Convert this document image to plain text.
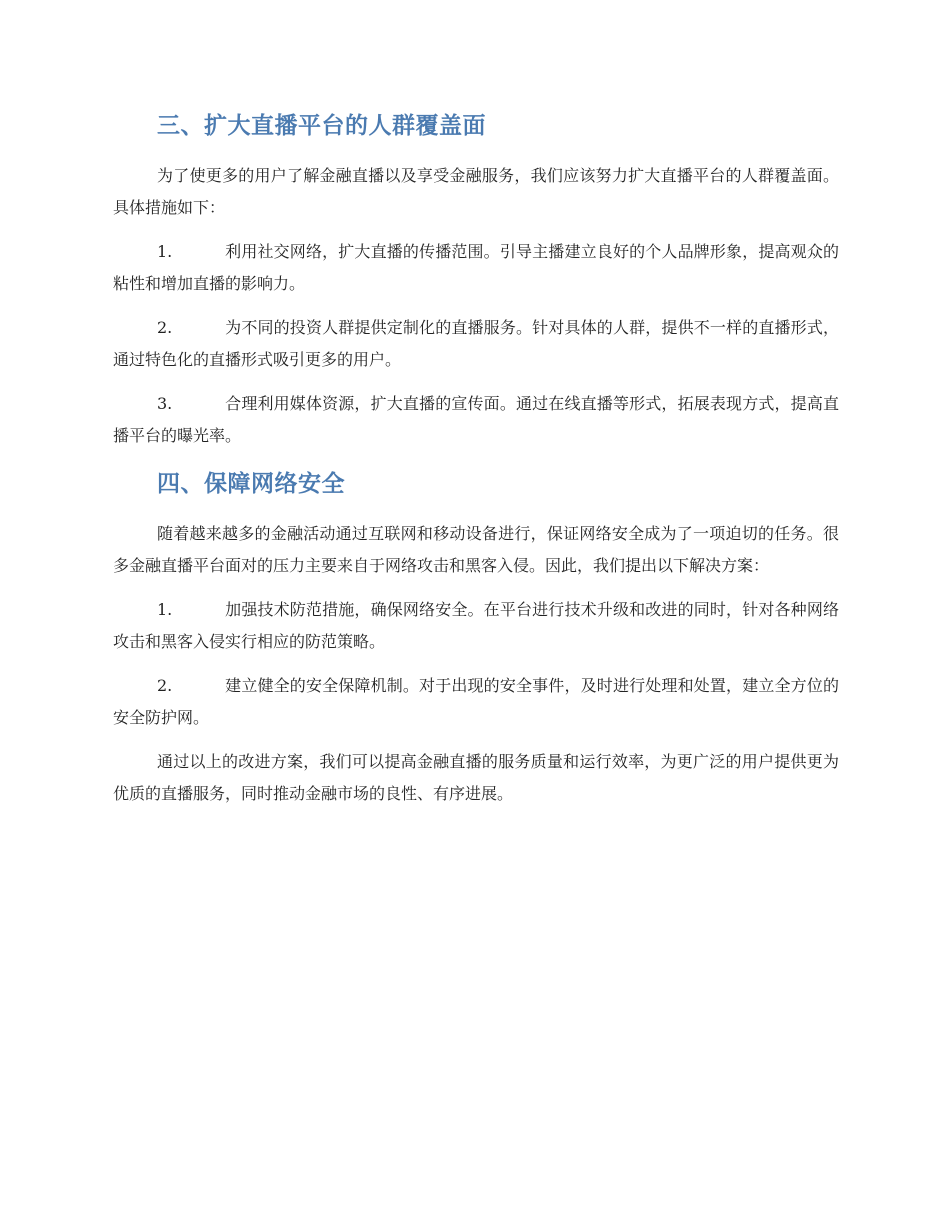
三、扩大直播平台的人群覆盖面

为了使更多的用户了解金融直播以及享受金融服务，我们应该努力扩大直播平台的人群覆盖面。具体措施如下：

1.	利用社交网络，扩大直播的传播范围。引导主播建立良好的个人品牌形象，提高观众的粘性和增加直播的影响力。
2.	为不同的投资人群提供定制化的直播服务。针对具体的人群，提供不一样的直播形式，通过特色化的直播形式吸引更多的用户。
3.	合理利用媒体资源，扩大直播的宣传面。通过在线直播等形式，拓展表现方式，提高直播平台的曝光率。
四、保障网络安全

随着越来越多的金融活动通过互联网和移动设备进行，保证网络安全成为了一项迫切的任务。很多金融直播平台面对的压力主要来自于网络攻击和黑客入侵。因此，我们提出以下解决方案：

1.	加强技术防范措施，确保网络安全。在平台进行技术升级和改进的同时，针对各种网络攻击和黑客入侵实行相应的防范策略。
2.	建立健全的安全保障机制。对于出现的安全事件，及时进行处理和处置，建立全方位的安全防护网。

通过以上的改进方案，我们可以提高金融直播的服务质量和运行效率，为更广泛的用户提供更为优质的直播服务，同时推动金融市场的良性、有序进展。
